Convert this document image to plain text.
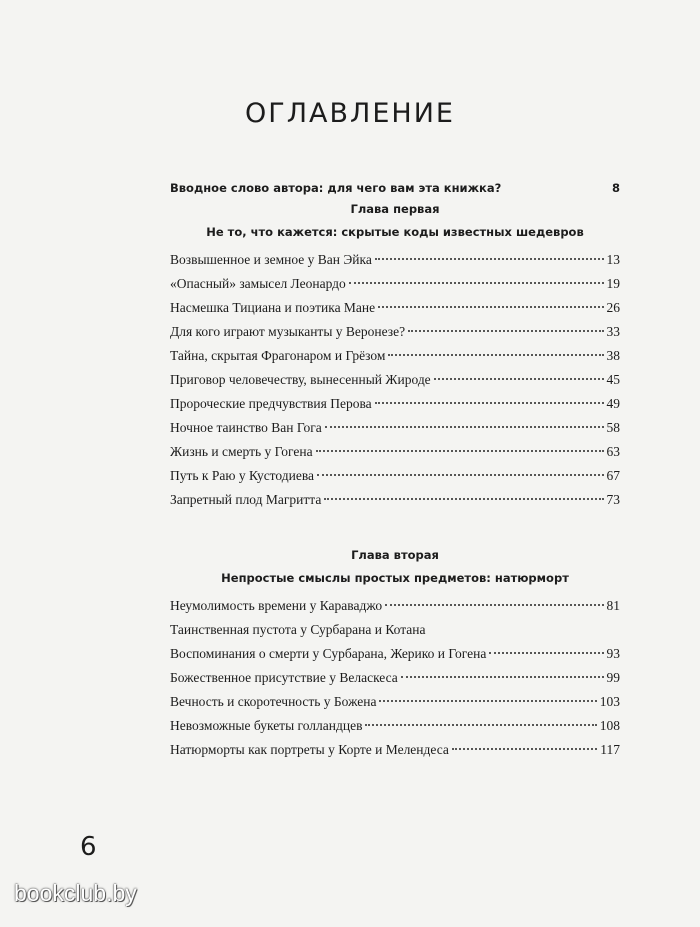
ОГЛАВЛЕНИЕ
Вводное слово автора: для чего вам эта книжка?	8
Глава первая
Не то, что кажется: скрытые коды известных шедевров
Возвышенное и земное у Ван Эйка	13
«Опасный» замысел Леонардо	19
Насмешка Тициана и поэтика Мане	26
Для кого играют музыканты у Веронезе?	33
Тайна, скрытая Фрагонаром и Грёзом	38
Приговор человечеству, вынесенный Жироде	45
Пророческие предчувствия Перова	49
Ночное таинство Ван Гога	58
Жизнь и смерть у Гогена	63
Путь к Раю у Кустодиева	67
Запретный плод Магритта	73
Глава вторая
Непростые смыслы простых предметов: натюрморт
Неумолимость времени у Караваджо	81
Таинственная пустота у Сурбарана и Котана
Воспоминания о смерти у Сурбарана, Жерико и Гогена	93
Божественное присутствие у Веласкеса	99
Вечность и скоротечность у Божена	103
Невозможные букеты голландцев	108
Натюрморты как портреты у Корте и Мелендеса	117
6
bookclub.by
